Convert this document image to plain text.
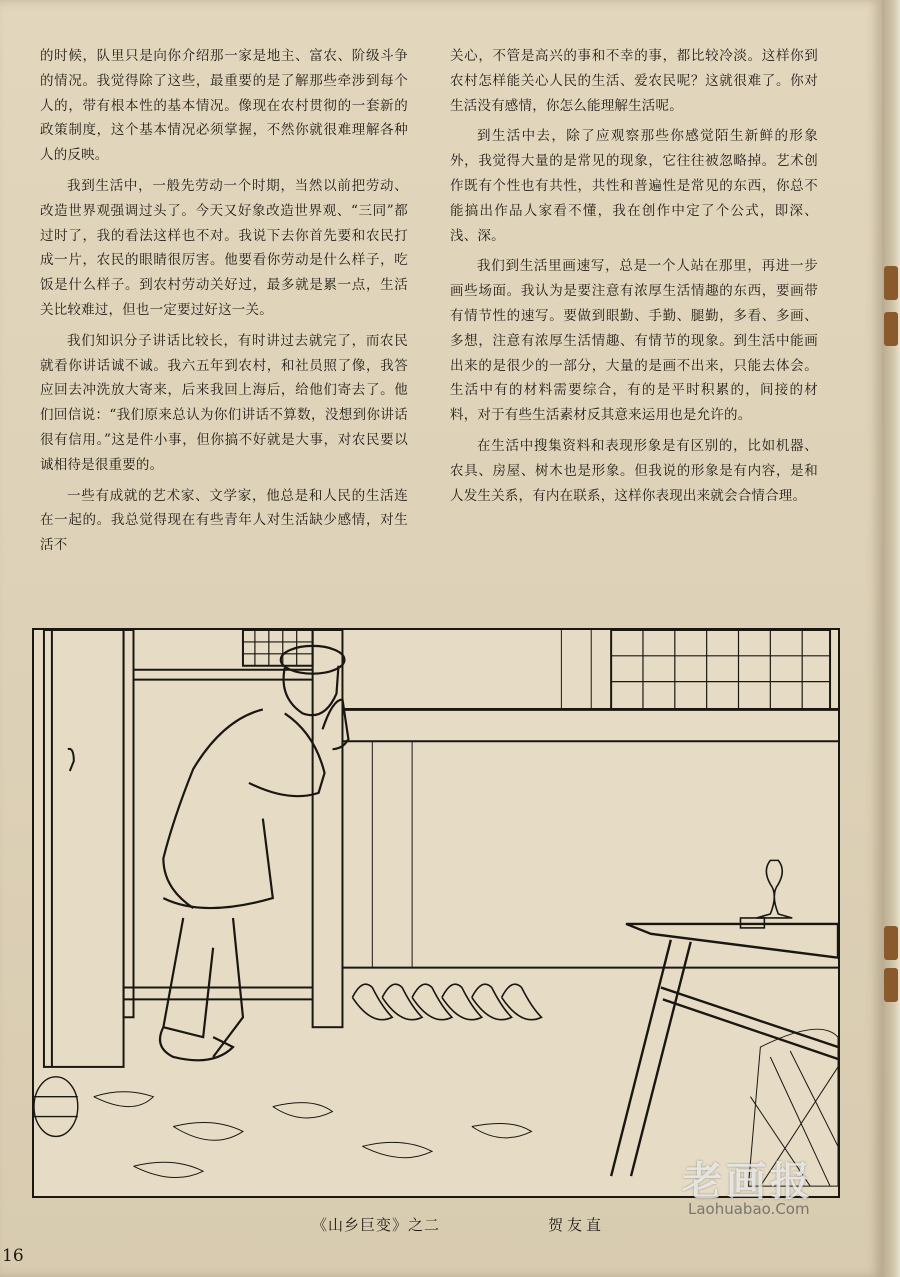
的时候，队里只是向你介绍那一家是地主、富农、阶级斗争的情况。我觉得除了这些，最重要的是了解那些牵涉到每个人的，带有根本性的基本情况。像现在农村贯彻的一套新的政策制度，这个基本情况必须掌握，不然你就很难理解各种人的反映。

我到生活中，一般先劳动一个时期，当然以前把劳动、改造世界观强调过头了。今天又好象改造世界观、“三同”都过时了，我的看法这样也不对。我说下去你首先要和农民打成一片，农民的眼睛很厉害。他要看你劳动是什么样子，吃饭是什么样子。到农村劳动关好过，最多就是累一点，生活关比较难过，但也一定要过好这一关。

我们知识分子讲话比较长，有时讲过去就完了，而农民就看你讲话诚不诚。我六五年到农村，和社员照了像，我答应回去冲洗放大寄来，后来我回上海后，给他们寄去了。他们回信说：“我们原来总认为你们讲话不算数，没想到你讲话很有信用。”这是件小事，但你搞不好就是大事，对农民要以诚相待是很重要的。

一些有成就的艺术家、文学家，他总是和人民的生活连在一起的。我总觉得现在有些青年人对生活缺少感情，对生活不

关心，不管是高兴的事和不幸的事，都比较冷淡。这样你到农村怎样能关心人民的生活、爱农民呢？这就很难了。你对生活没有感情，你怎么能理解生活呢。

到生活中去，除了应观察那些你感觉陌生新鲜的形象外，我觉得大量的是常见的现象，它往往被忽略掉。艺术创作既有个性也有共性，共性和普遍性是常见的东西，你总不能搞出作品人家看不懂，我在创作中定了个公式，即深、浅、深。

我们到生活里画速写，总是一个人站在那里，再进一步画些场面。我认为是要注意有浓厚生活情趣的东西，要画带有情节性的速写。要做到眼勤、手勤、腿勤，多看、多画、多想，注意有浓厚生活情趣、有情节的现象。到生活中能画出来的是很少的一部分，大量的是画不出来，只能去体会。生活中有的材料需要综合，有的是平时积累的，间接的材料，对于有些生活素材反其意来运用也是允许的。

在生活中搜集资料和表现形象是有区别的，比如机器、农具、房屋、树木也是形象。但我说的形象是有内容，是和人发生关系，有内在联系，这样你表现出来就会合情合理。

《山乡巨变》之二	贺友直
16
老画报
Laohuabao.Com
